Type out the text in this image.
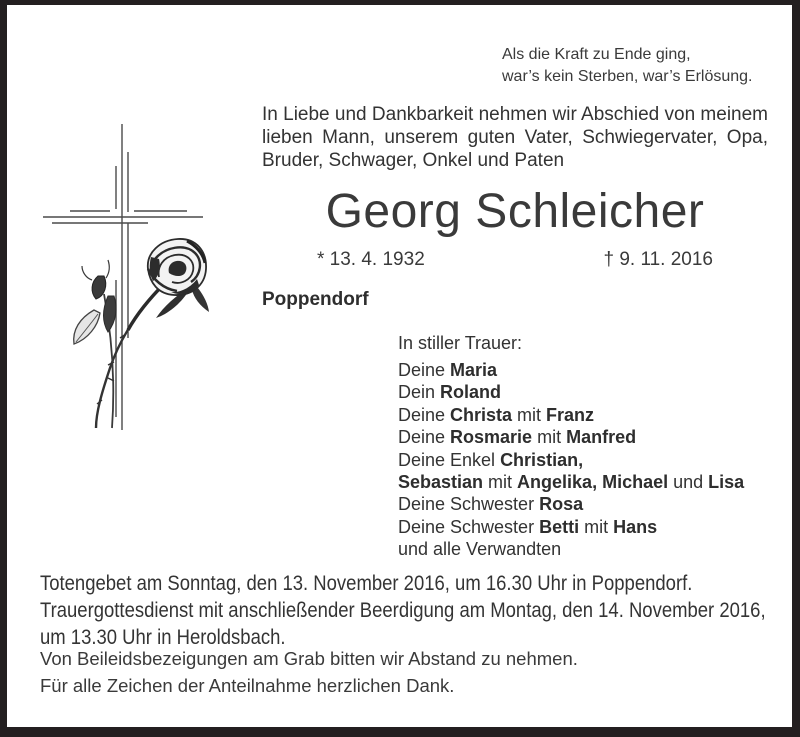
Als die Kraft zu Ende ging,
war’s kein Sterben, war’s Erlösung.

In Liebe und Dankbarkeit nehmen wir Abschied von meinem lieben Mann, unserem guten Vater, Schwiegervater, Opa, Bruder, Schwager, Onkel und Paten

Georg Schleicher
* 13. 4. 1932	† 9. 11. 2016
Poppendorf
In stiller Trauer:
Deine Maria
Dein Roland
Deine Christa mit Franz
Deine Rosmarie mit Manfred
Deine Enkel Christian,
Sebastian mit Angelika, Michael und Lisa
Deine Schwester Rosa
Deine Schwester Betti mit Hans
und alle Verwandten
Totengebet am Sonntag, den 13. November 2016, um 16.30 Uhr in Poppendorf.
Trauergottesdienst mit anschließender Beerdigung am Montag, den 14. November 2016,
um 13.30 Uhr in Heroldsbach.
Von Beileidsbezeigungen am Grab bitten wir Abstand zu nehmen.
Für alle Zeichen der Anteilnahme herzlichen Dank.
